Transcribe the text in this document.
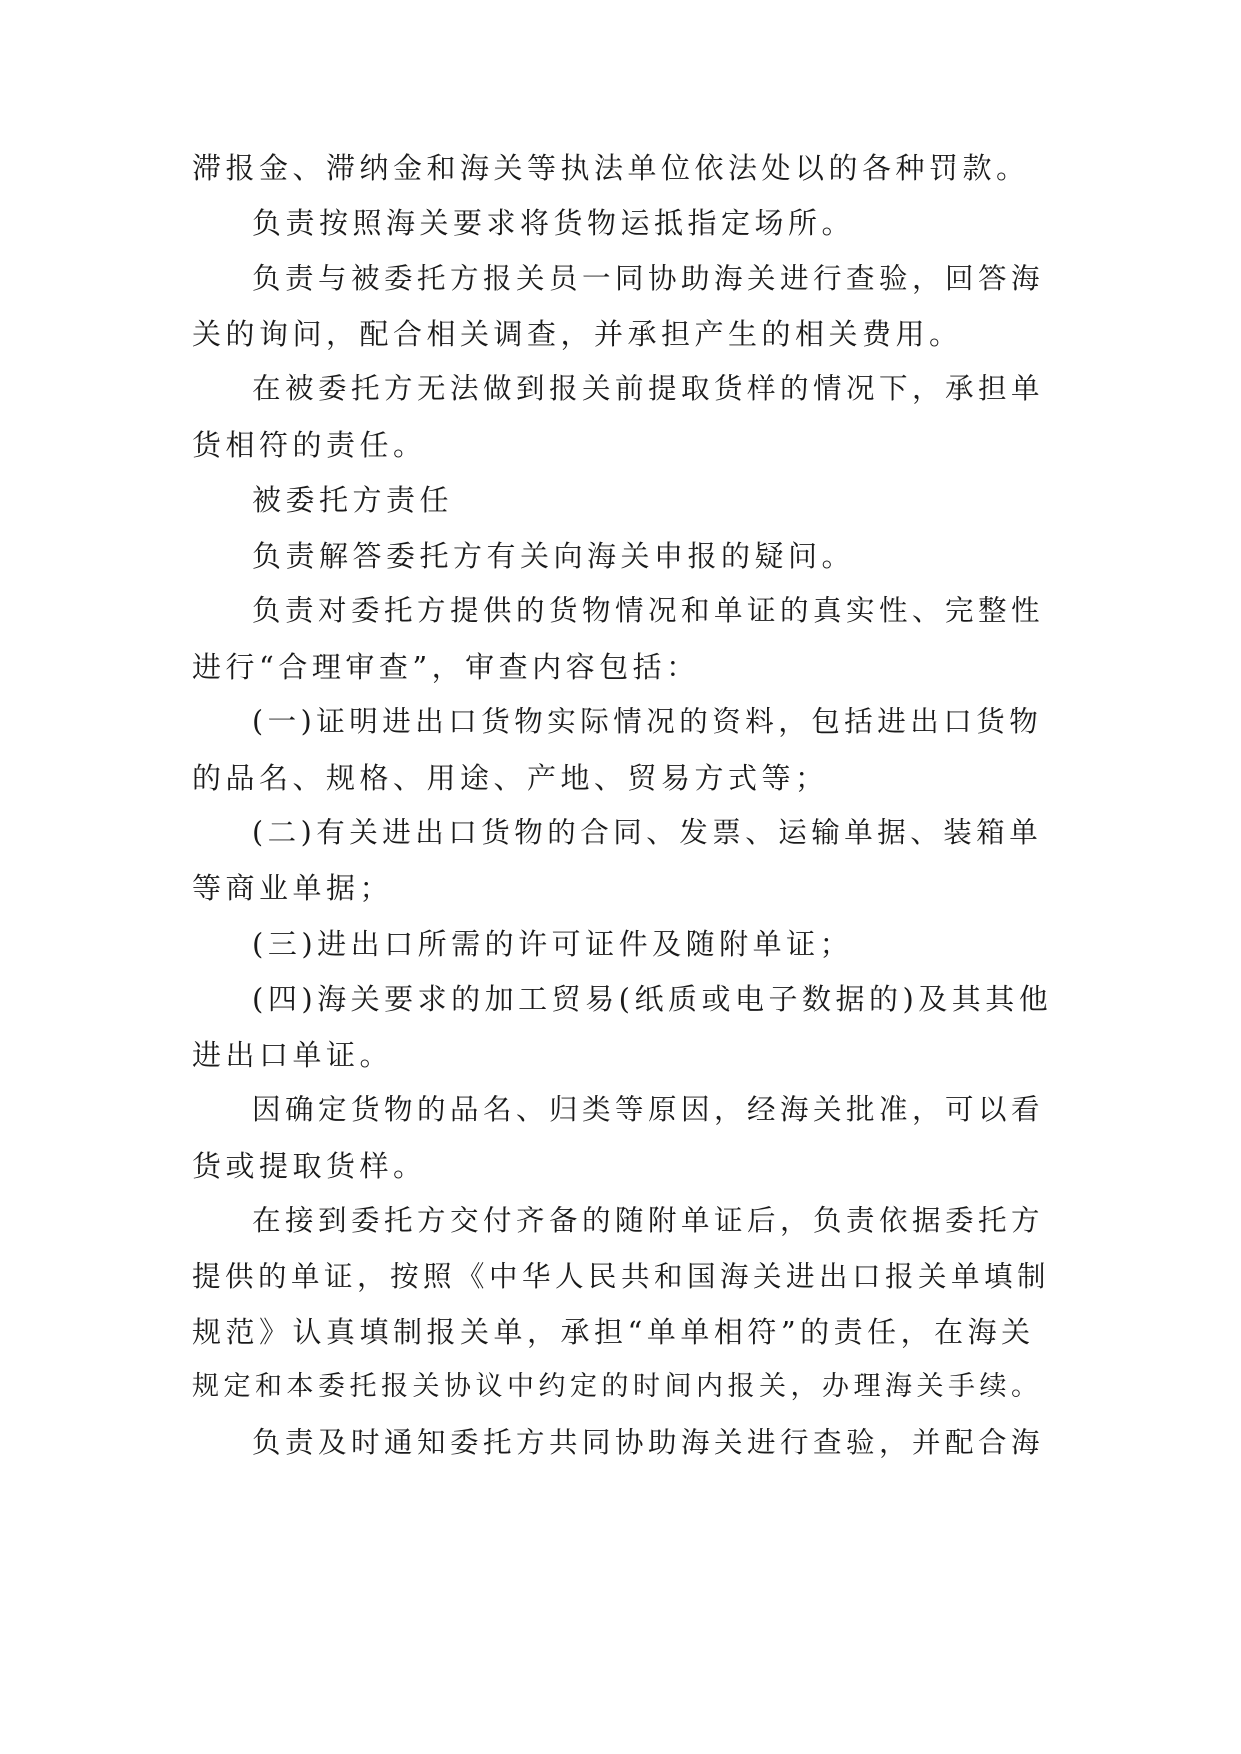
滞报金、滞纳金和海关等执法单位依法处以的各种罚款。
负责按照海关要求将货物运抵指定场所。
负责与被委托方报关员一同协助海关进行查验，回答海
关的询问，配合相关调查，并承担产生的相关费用。
在被委托方无法做到报关前提取货样的情况下，承担单
货相符的责任。
被委托方责任
负责解答委托方有关向海关申报的疑问。
负责对委托方提供的货物情况和单证的真实性、完整性
进行“合理审查”，审查内容包括：
(一)证明进出口货物实际情况的资料，包括进出口货物
的品名、规格、用途、产地、贸易方式等；
(二)有关进出口货物的合同、发票、运输单据、装箱单
等商业单据；
(三)进出口所需的许可证件及随附单证；
(四)海关要求的加工贸易(纸质或电子数据的)及其其他
进出口单证。
因确定货物的品名、归类等原因，经海关批准，可以看
货或提取货样。
在接到委托方交付齐备的随附单证后，负责依据委托方
提供的单证，按照《中华人民共和国海关进出口报关单填制
规范》认真填制报关单，承担“单单相符”的责任，在海关
规定和本委托报关协议中约定的时间内报关，办理海关手续。
负责及时通知委托方共同协助海关进行查验，并配合海
